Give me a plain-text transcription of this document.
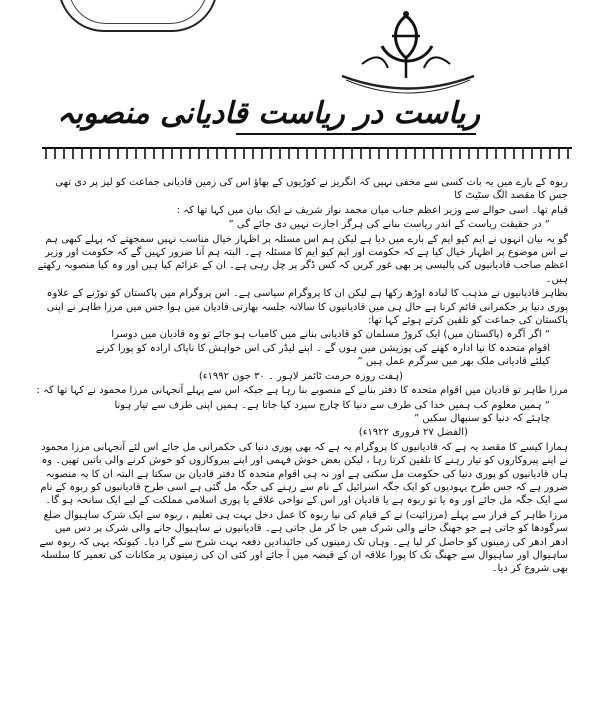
ریاست در ریاست قادیانی منصوبہ

ربوہ کے بارے میں یہ بات کسی سے مخفی نہیں کہ انگریز نے کوڑیوں کے بھاؤ اس کی زمین قادیانی جماعت کو لیز پر دی تھی جس کا مقصد الگ سٹیٹ کا

قیام تھا۔ اسی حوالے سے وزیر اعظم جناب میاں محمد نواز شریف نے ایک بیان میں کہا تھا کہ :

“ در حقیقت ریاست کے اندر ریاست بنانے کی ہرگز اجازت نہیں دی جائے گی ”

گو یہ بیان انہوں نے ایم کیو ایم کے بارے میں دیا ہے لیکن ہم اس مسئلہ پر اظہار خیال مناسب نہیں سمجھتے کہ پہلے کبھی ہم نے اس موضوع پر اظہار خیال کیا ہے کہ حکومت اور ایم کیو ایم کا مسئلہ ہے۔ البتہ ہم آنا ضرور کہیں گے کہ حکومت اور وزیر اعظم صاحب قادیانیوں کی پالیسی پر بھی غور کریں کہ کس ڈگر پر چل رہی ہے۔ ان کے عزائم کیا ہیں اور وہ کیا منصوبہ رکھتے ہیں۔

بظاہر قادیانیوں نے مذہب کا لبادہ اوڑھ رکھا ہے لیکن ان کا پروگرام سیاسی ہے۔ اس پروگرام میں پاکستان کو توڑنے کے علاوہ پوری دنیا پر حکمرانی قائم کرنا ہے حال ہی میں قادیانیوں کا سالانہ جلسہ بھارتی قادیان میں ہوا جس میں مرزا طاہر نے اپنی پاکستان کی جماعت کو تلقین کرتے ہوئے کہا تھا:

“ اگر آگرہ (پاکستان میں) ایک کروڑ مسلمان کو قادیانی بنانے میں کامیاب ہو جائے تو وہ قادیان میں دوسرا اقوام متحدہ کا نیا ادارہ کھنے کی پوزیشن میں ہوں گے ۔ اپنے لیڈر کی اس خواہش کا ناپاک ارادہ کو پورا کرنے کیلئے قادیانی ملک بھر میں سرگرم عمل ہیں ”

(ہفت روزہ حرمت ٹائمز لاہور ۔ ۳۰ جون ۱۹۹۲ء)

مرزا طاہر تو قادیان میں اقوام متحدہ کا دفتر بنانے کے منصوبے بنا رہا ہے جبکہ اس سے پہلے آنجہانی مرزا محمود نے کہا تھا کہ :

“ ہمیں معلوم کب ہمیں خدا کی طرف سے دنیا کا چارج سپرد کیا جاتا ہے۔ ہمیں اپنی طرف سے تیار ہونا چاہئے کہ دنیا کو سنبھال سکیں ”

(الفضل ۲۷ فروری ۱۹۲۲ء)

ہمارا کیسے کا مقصد یہ ہے کہ قادیانیوں کا پروگرام یہ ہے کہ بھی پوری دنیا کی حکمرانی مل جائے اس لئے آنجہانی مرزا محمود نے اپنے پیروکاروں کو تیار رہنے کا تلقین کرتا رہا ، لیکن بعض خوش فہمی اور اپنے پیروکاروں کو خوش کرنے والی باتیں تھیں۔ وہ ہاں قادیانیوں کو پوری دنیا کی حکومت مل سکتی ہے اور نہ ہی اقوام متحدہ کا دفتر قادیان بن سکتا ہے البتہ ان کا یہ منصوبہ ضرور ہے کہ جس طرح یہودیوں کو ایک جگہ اسرائیل کے نام سے رہنے کی جگہ مل گئی ہے اسی طرح قادیانیوں کو ربوہ کے نام سے ایک جگہ مل جائے اور وہ یا تو ربوہ ہے یا قادیان اور اس کے نواحی علاقے یا پوری اسلامی مملکت کے لیے ایک سانحہ ہو گا۔

مرزا طاہر کے فرار سے پہلے (مرزائیت) نے کے قیام کی نیا ربوہ کا عمل دخل بہت ہی تعلیم ، ربوہ سے ایک شرک ساہیوال ضلع سرگودھا کو جاتی ہے جو جھنگ جانے والی شرک میں جا کر مل جاتی ہے۔ قادیانیوں نے ساہیوال جانے والی شرک پر دس میں ادھر ادھر کی زمینوں کو حاصل کر لیا ہے۔ وہاں تک زمینوں کی جائیدادیں دفعہ بہت شرح سے گرا دیا۔ کیونکہ یہی کہ ربوہ سے ساہیوال اور ساہیوال سے جھنگ تک کا پورا علاقہ ان کے قبضہ میں آ جائے اور کئی ان کی زمینوں پر مکانات کی تعمیر کا سلسلہ بھی شروع کر دیا۔
